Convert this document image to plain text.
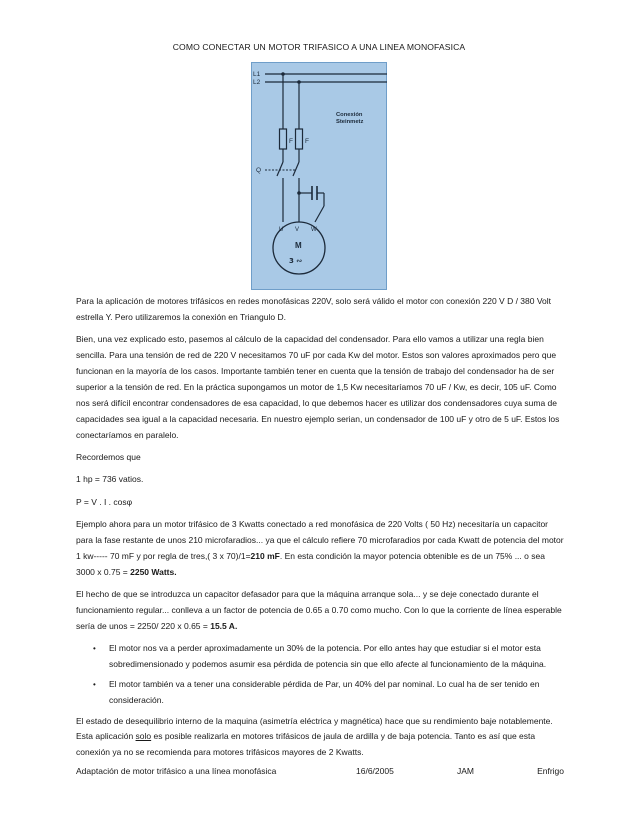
COMO CONECTAR UN MOTOR TRIFASICO A UNA LINEA MONOFASICA
L1
L2
F F
Q
U V W
M
3 ∾
Conexión
Steinmetz

Para la aplicación de motores trifásicos en redes monofásicas 220V, solo será válido el motor con conexión 220 V D / 380 Volt estrella Y. Pero utilizaremos la conexión en Triangulo D.

Bien, una vez explicado esto, pasemos al cálculo de la capacidad del condensador. Para ello vamos a utilizar una regla bien sencilla. Para una tensión de red de 220 V necesitamos 70 uF por cada Kw del motor. Estos son valores aproximados pero que funcionan en la mayoría de los casos. Importante también tener en cuenta que la tensión de trabajo del condensador ha de ser superior a la tensión de red. En la práctica supongamos un motor de 1,5 Kw necesitaríamos 70 uF / Kw, es decir, 105 uF. Como nos será difícil encontrar condensadores de esa capacidad, lo que debemos hacer es utilizar dos condensadores cuya suma de capacidades sea igual a la capacidad necesaria. En nuestro ejemplo serian, un condensador de 100 uF y otro de 5 uF. Estos los conectaríamos en paralelo.

Recordemos que

1 hp = 736 vatios.

P = V . I . cosφ

Ejemplo ahora para un motor trifásico de 3 Kwatts conectado a red monofásica de 220 Volts ( 50 Hz) necesitaría un capacitor para la fase restante de unos 210 microfaradios... ya que el cálculo refiere 70 microfaradios por cada Kwatt de potencia del motor 1 kw----- 70 mF y por regla de tres,( 3 x 70)/1=210 mF. En esta condición la mayor potencia obtenible es de un 75% ... o sea 3000 x 0.75 = 2250 Watts.

El hecho de que se introduzca un capacitor defasador para que la máquina arranque sola... y se deje conectado durante el funcionamiento regular... conlleva a un factor de potencia de 0.65 a 0.70 como mucho. Con lo que la corriente de línea esperable sería de unos = 2250/ 220 x 0.65 = 15.5 A.

• El motor nos va a perder aproximadamente un 30% de la potencia. Por ello antes hay que estudiar si el motor esta sobredimensionado y podemos asumir esa pérdida de potencia sin que ello afecte al funcionamiento de la máquina.
• El motor también va a tener una considerable pérdida de Par, un 40% del par nominal. Lo cual ha de ser tenido en consideración.

El estado de desequilibrio interno de la maquina (asimetría eléctrica y magnética) hace que su rendimiento baje notablemente. Esta aplicación solo es posible realizarla en motores trifásicos de jaula de ardilla y de baja potencia. Tanto es así que esta conexión ya no se recomienda para motores trifásicos mayores de 2 Kwatts.

Adaptación de motor trifásico a una línea monofásica	16/6/2005	JAM	Enfrigo
